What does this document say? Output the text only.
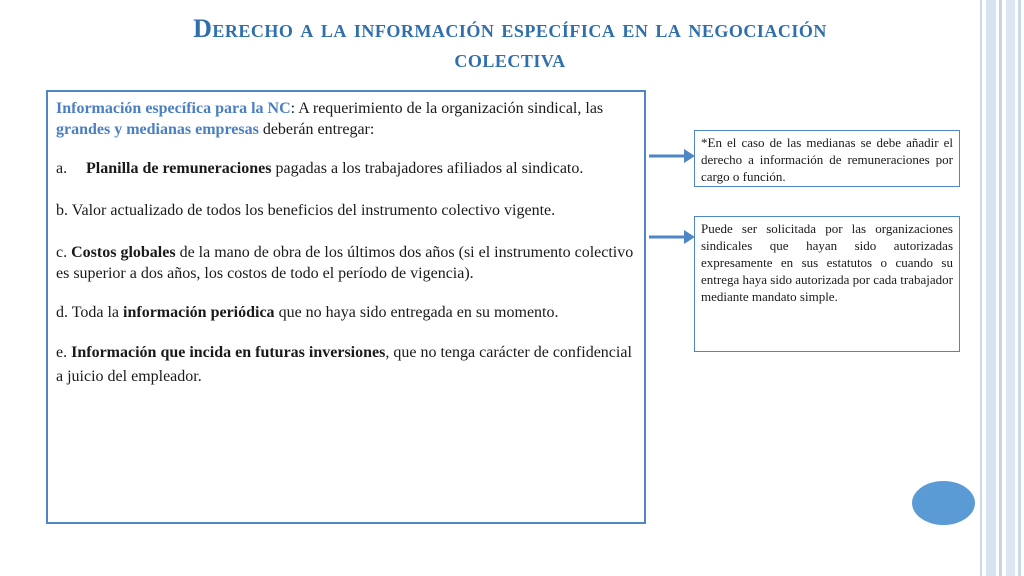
Derecho a la información específica en la negociación colectiva

Información específica para la NC: A requerimiento de la organización sindical, las grandes y medianas empresas deberán entregar:

a.	Planilla de remuneraciones pagadas a los trabajadores afiliados al sindicato.

b. Valor actualizado de todos los beneficios del instrumento colectivo vigente.

c. Costos globales de la mano de obra de los últimos dos años (si el instrumento colectivo es superior a dos años, los costos de todo el período de vigencia).

d. Toda la información periódica que no haya sido entregada en su momento.

e. Información que incida en futuras inversiones, que no tenga carácter de confidencial a juicio del empleador.

*En el caso de las medianas se debe añadir el derecho a información de remuneraciones por cargo o función.
Puede ser solicitada por las organizaciones sindicales que hayan sido autorizadas expresamente en sus estatutos o cuando su entrega haya sido autorizada por cada trabajador mediante mandato simple.
